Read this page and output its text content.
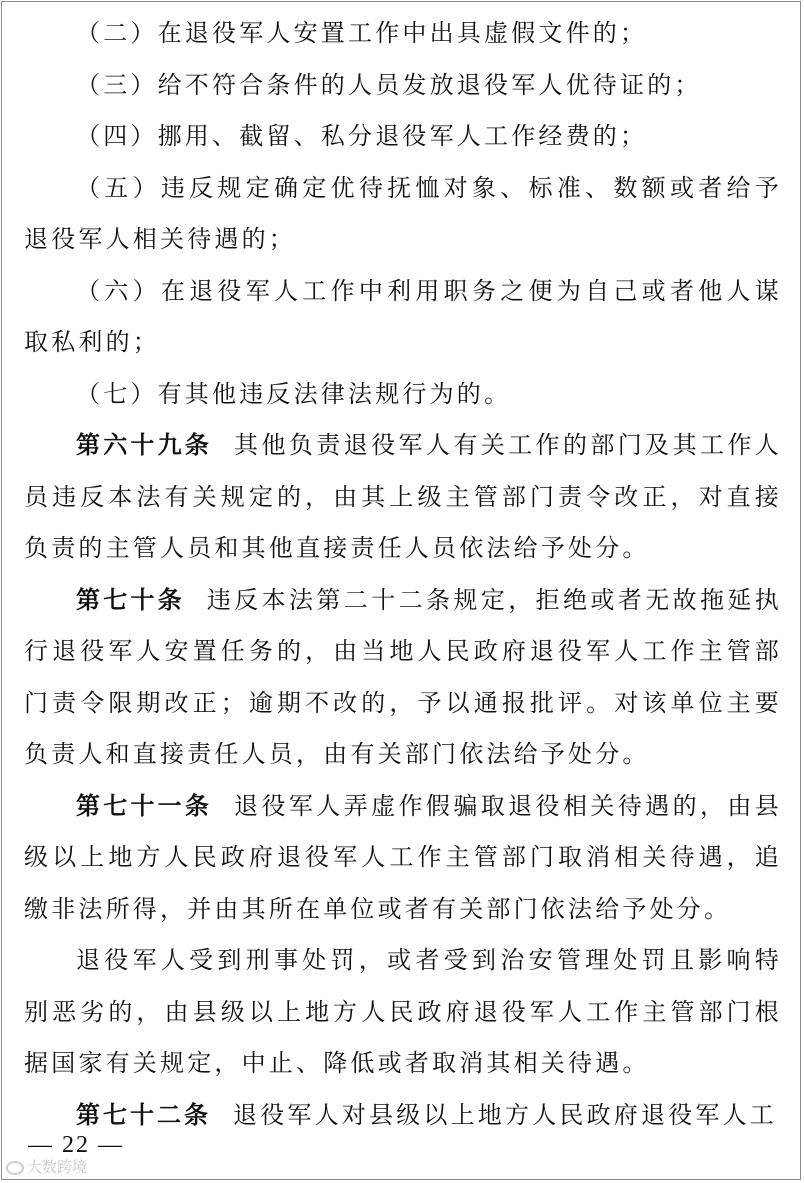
（二）在退役军人安置工作中出具虚假文件的；

（三）给不符合条件的人员发放退役军人优待证的；

（四）挪用、截留、私分退役军人工作经费的；

（五）违反规定确定优待抚恤对象、标准、数额或者给予退役军人相关待遇的；

（六）在退役军人工作中利用职务之便为自己或者他人谋取私利的；

（七）有其他违反法律法规行为的。

第六十九条 其他负责退役军人有关工作的部门及其工作人员违反本法有关规定的，由其上级主管部门责令改正，对直接负责的主管人员和其他直接责任人员依法给予处分。

第七十条 违反本法第二十二条规定，拒绝或者无故拖延执行退役军人安置任务的，由当地人民政府退役军人工作主管部门责令限期改正；逾期不改的，予以通报批评。对该单位主要负责人和直接责任人员，由有关部门依法给予处分。

第七十一条 退役军人弄虚作假骗取退役相关待遇的，由县级以上地方人民政府退役军人工作主管部门取消相关待遇，追缴非法所得，并由其所在单位或者有关部门依法给予处分。

退役军人受到刑事处罚，或者受到治安管理处罚且影响特别恶劣的，由县级以上地方人民政府退役军人工作主管部门根据国家有关规定，中止、降低或者取消其相关待遇。

第七十二条 退役军人对县级以上地方人民政府退役军人工

— 22 —
大数跨境
